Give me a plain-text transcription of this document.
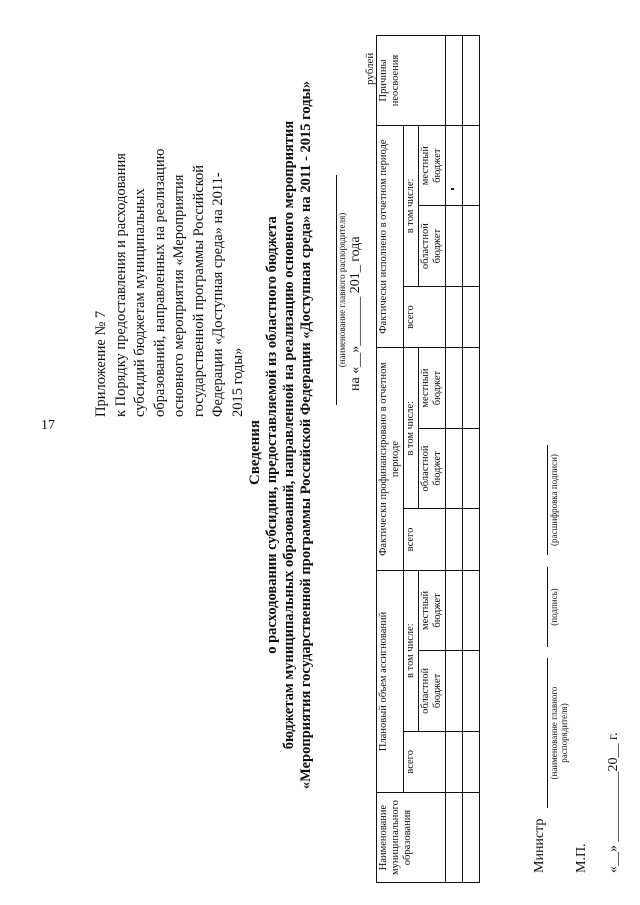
17
Приложение № 7 к Порядку предоставления и расходования субсидий бюджетам муниципальных образований, направленных на реализацию основного мероприятия «Мероприятия государственной программы Российской Федерации «Доступная среда» на 2011- 2015 годы»
Сведения о расходовании субсидии, предоставляемой из областного бюджета бюджетам муниципальных образований, направленной на реализацию основного мероприятия «Мероприятия государственной программы Российской Федерации «Доступная среда» на 2011 - 2015 годы»	(наименование главного распорядителя) на «__»_______ 201_ года
рублей
Наименование муниципального образования	Плановый объем ассигнований			Фактически профинансировано в отчетном периоде			Фактически исполнено в отчетном периоде			Причины неосвоения
	всего	в том числе:		всего	в том числе:		всего	в том числе:		
		областной бюджет	местный бюджет		областной бюджет	местный бюджет		областной бюджет	местный бюджет	

Министр
(наименование главного распорядителя)
(подпись)
(расшифровка подписи)
М.П. «__» __________20__ г.
